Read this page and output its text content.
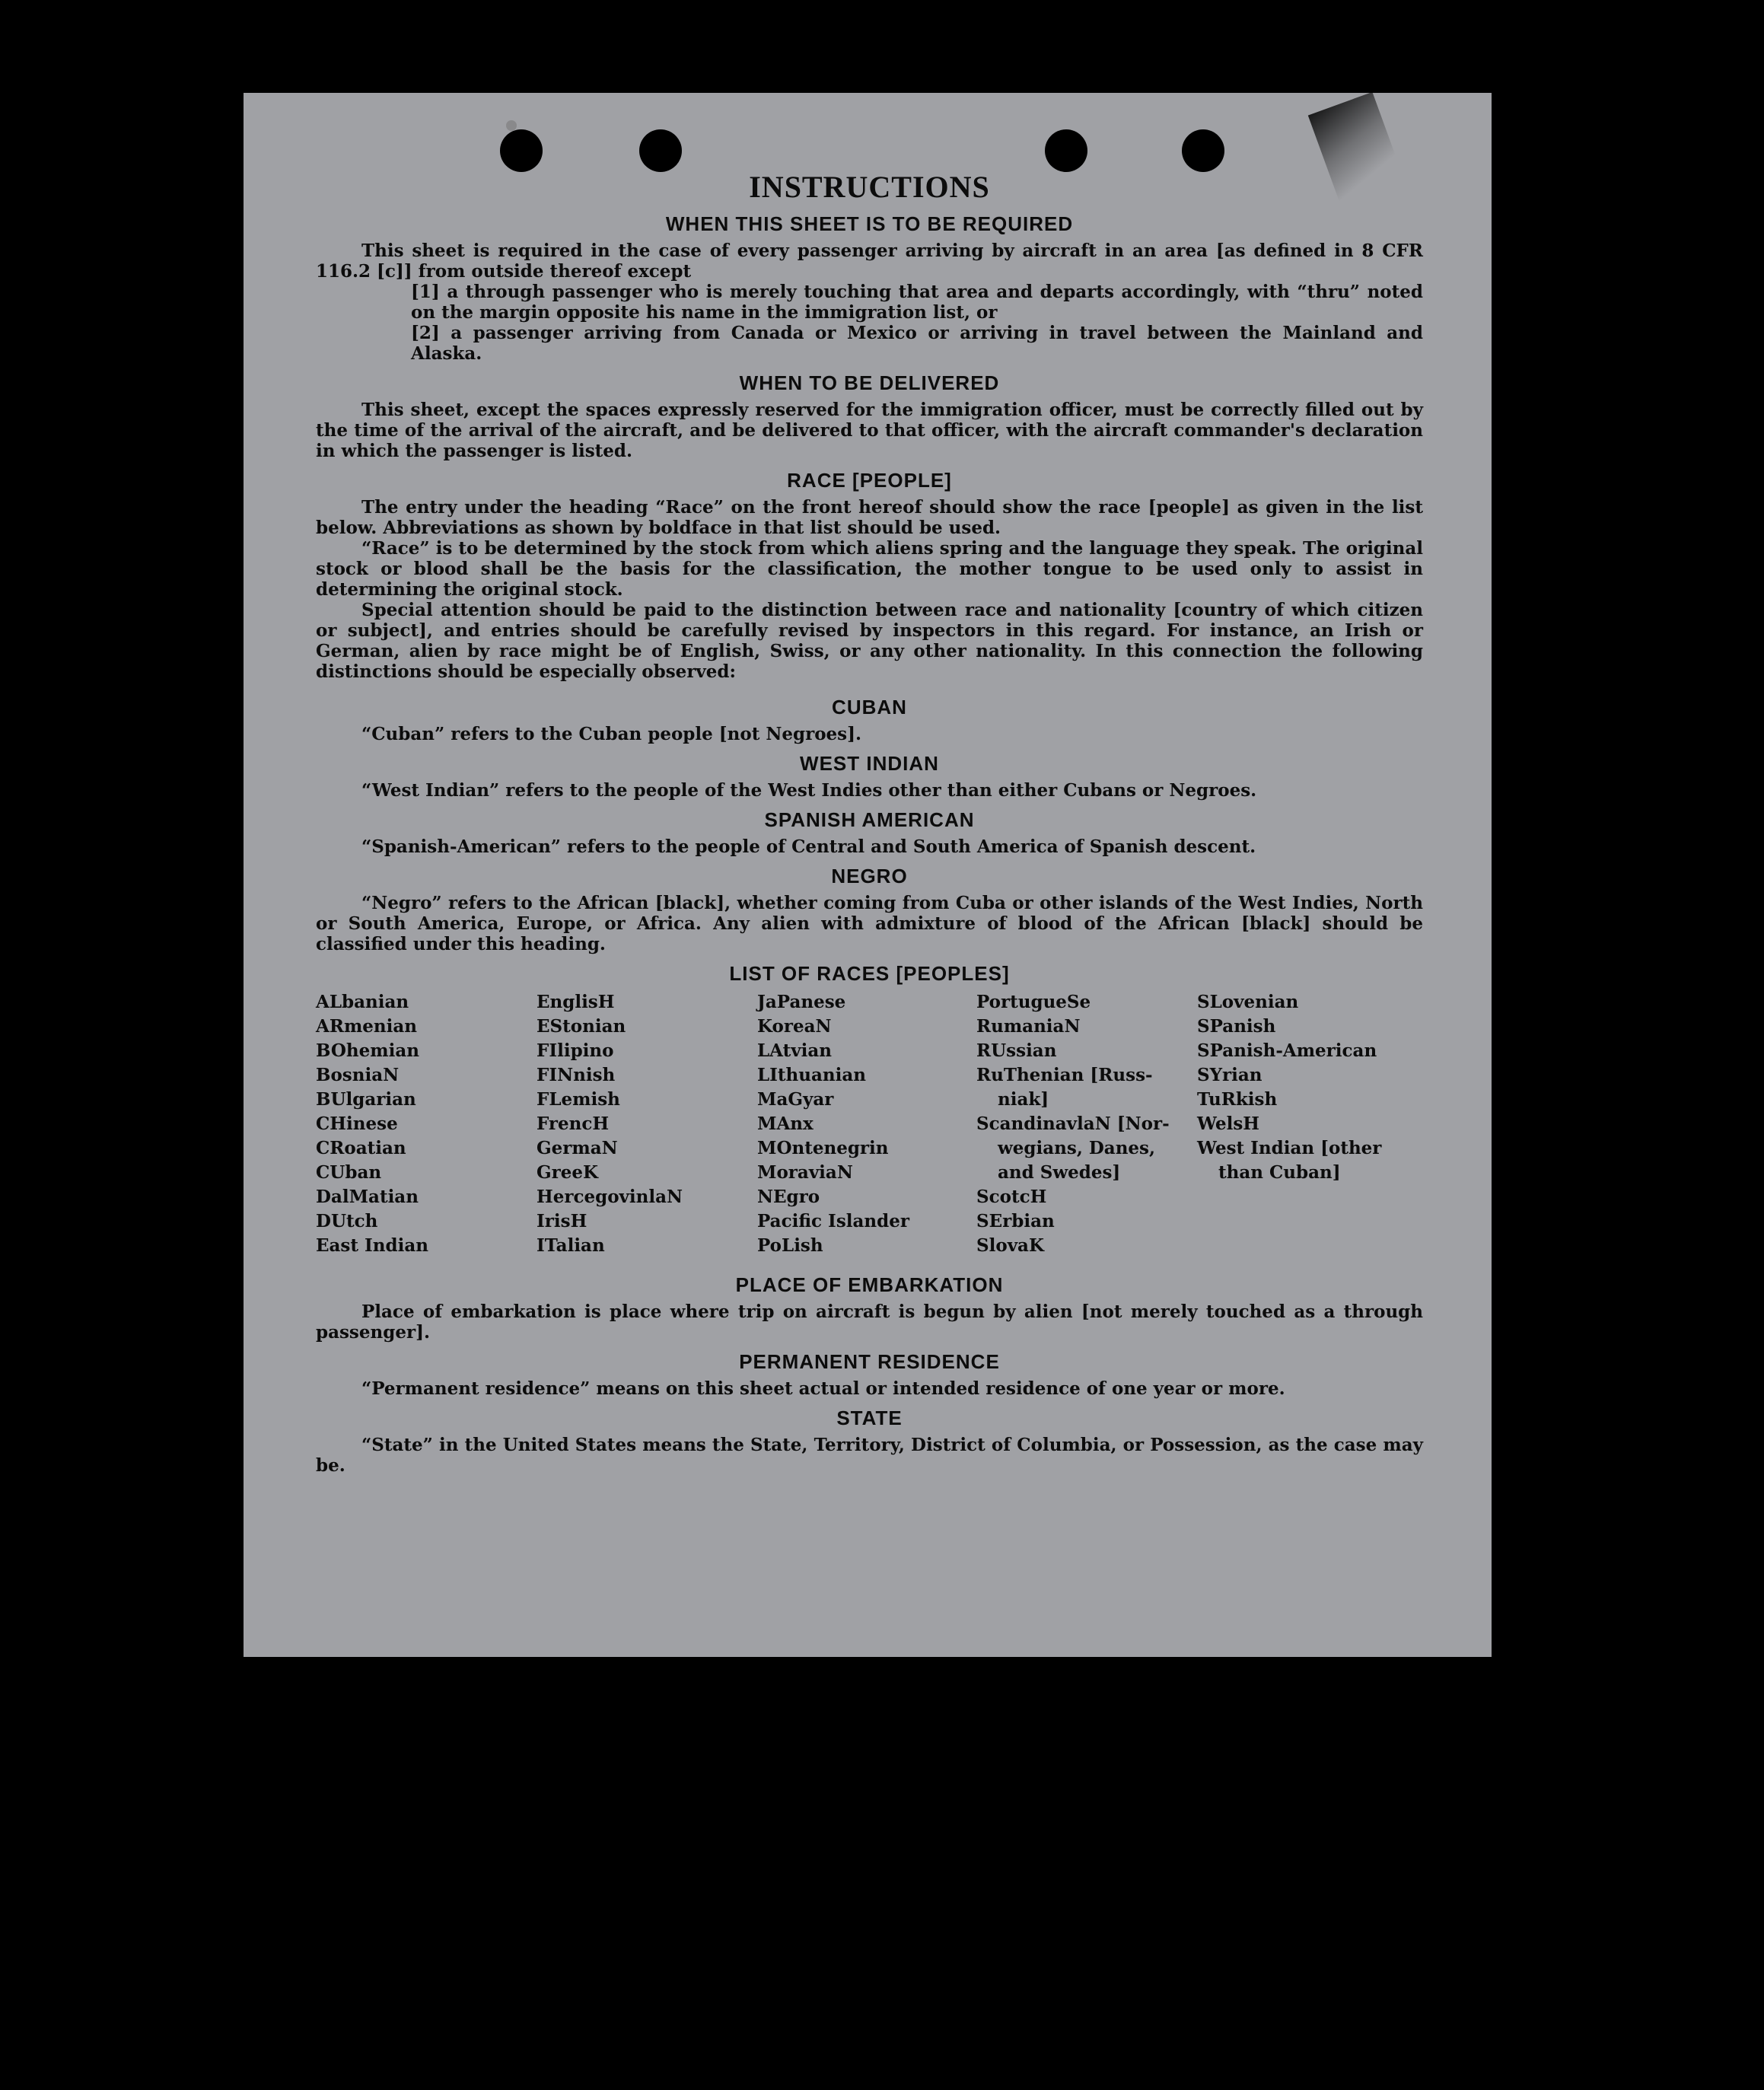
INSTRUCTIONS
WHEN THIS SHEET IS TO BE REQUIRED

This sheet is required in the case of every passenger arriving by aircraft in an area [as defined in 8 CFR 116.2 [c]] from outside thereof except

[1] a through passenger who is merely touching that area and departs accordingly, with “thru” noted on the margin opposite his name in the immigration list, or

[2] a passenger arriving from Canada or Mexico or arriving in travel between the Mainland and Alaska.

WHEN TO BE DELIVERED

This sheet, except the spaces expressly reserved for the immigration officer, must be correctly filled out by the time of the arrival of the aircraft, and be delivered to that officer, with the aircraft commander's declaration in which the passenger is listed.

RACE [PEOPLE]

The entry under the heading “Race” on the front hereof should show the race [people] as given in the list below. Abbreviations as shown by boldface in that list should be used.

“Race” is to be determined by the stock from which aliens spring and the language they speak. The original stock or blood shall be the basis for the classification, the mother tongue to be used only to assist in determining the original stock.

Special attention should be paid to the distinction between race and nationality [country of which citizen or subject], and entries should be carefully revised by inspectors in this regard. For instance, an Irish or German, alien by race might be of English, Swiss, or any other nationality. In this connection the following distinctions should be especially observed:

CUBAN

“Cuban” refers to the Cuban people [not Negroes].

WEST INDIAN

“West Indian” refers to the people of the West Indies other than either Cubans or Negroes.

SPANISH AMERICAN

“Spanish-American” refers to the people of Central and South America of Spanish descent.

NEGRO

“Negro” refers to the African [black], whether coming from Cuba or other islands of the West Indies, North or South America, Europe, or Africa. Any alien with admixture of blood of the African [black] should be classified under this heading.

LIST OF RACES [PEOPLES]
ALbanian
ARmenian
BOhemian
BosniaN
BUlgarian
CHinese
CRoatian
CUban
DalMatian
DUtch
East Indian
EnglisH
EStonian
FIlipino
FINnish
FLemish
FrencH
GermaN
GreeK
HercegovinlaN
IrisH
ITalian
JaPanese
KoreaN
LAtvian
LIthuanian
MaGyar
MAnx
MOntenegrin
MoraviaN
NEgro
Pacific Islander
PoLish
PortugueSe
RumaniaN
RUssian
RuThenian [Russ-
niak]
ScandinavlaN [Nor-
wegians, Danes,
and Swedes]
ScotcH
SErbian
SlovaK
SLovenian
SPanish
SPanish-American
SYrian
TuRkish
WelsH
West Indian [other
than Cuban]
PLACE OF EMBARKATION

Place of embarkation is place where trip on aircraft is begun by alien [not merely touched as a through passenger].

PERMANENT RESIDENCE

“Permanent residence” means on this sheet actual or intended residence of one year or more.

STATE

“State” in the United States means the State, Territory, District of Columbia, or Possession, as the case may be.
